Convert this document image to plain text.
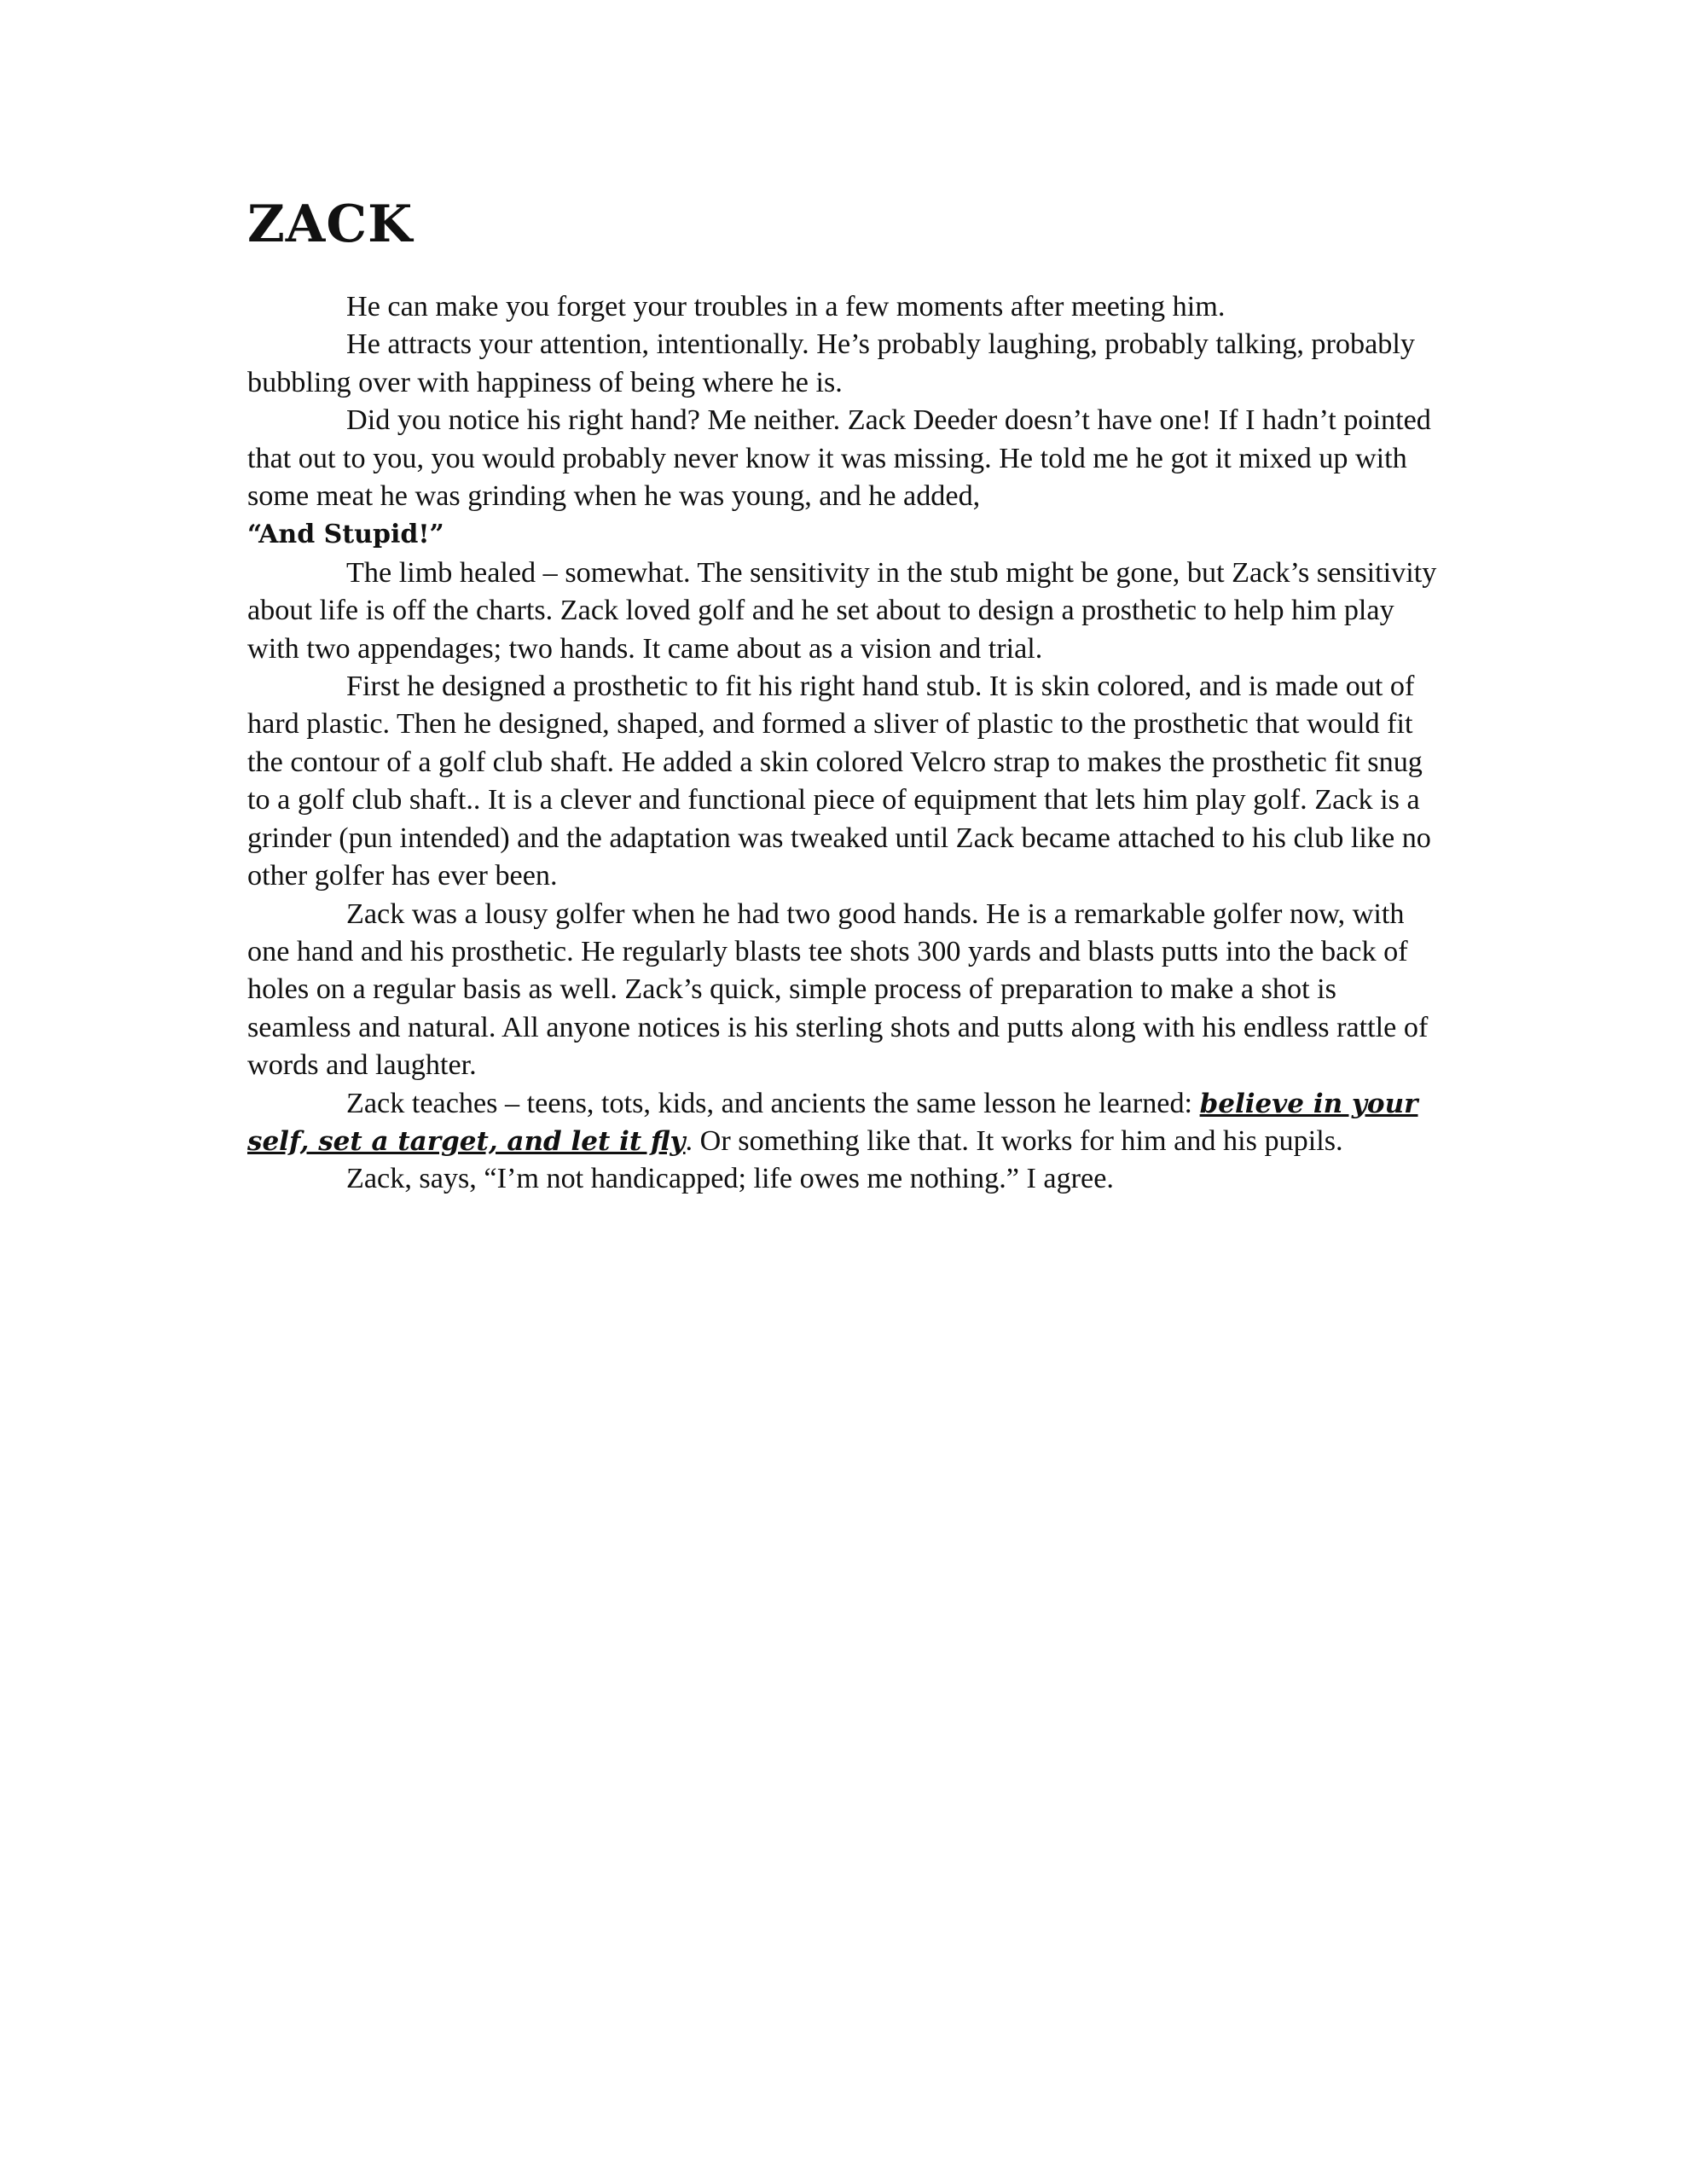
ZACK

He can make you forget your troubles in a few moments after meeting him.

He attracts your attention, intentionally. He’s probably laughing, probably talking, probably bubbling over with happiness of being where he is.

Did you notice his right hand? Me neither. Zack Deeder doesn’t have one! If I hadn’t pointed that out to you, you would probably never know it was missing. He told me he got it mixed up with some meat he was grinding when he was young, and he added,
“And Stupid!”

The limb healed – somewhat. The sensitivity in the stub might be gone, but Zack’s sensitivity about life is off the charts. Zack loved golf and he set about to design a prosthetic to help him play with two appendages; two hands. It came about as a vision and trial.

First he designed a prosthetic to fit his right hand stub. It is skin colored, and is made out of hard plastic. Then he designed, shaped, and formed a sliver of plastic to the prosthetic that would fit the contour of a golf club shaft. He added a skin colored Velcro strap to makes the prosthetic fit snug to a golf club shaft.. It is a clever and functional piece of equipment that lets him play golf. Zack is a grinder (pun intended) and the adaptation was tweaked until Zack became attached to his club like no other golfer has ever been.

Zack was a lousy golfer when he had two good hands. He is a remarkable golfer now, with one hand and his prosthetic. He regularly blasts tee shots 300 yards and blasts putts into the back of holes on a regular basis as well. Zack’s quick, simple process of preparation to make a shot is seamless and natural. All anyone notices is his sterling shots and putts along with his endless rattle of words and laughter.

Zack teaches – teens, tots, kids, and ancients the same lesson he learned: believe in your self, set a target, and let it fly. Or something like that. It works for him and his pupils.

Zack, says, “I’m not handicapped; life owes me nothing.” I agree.
